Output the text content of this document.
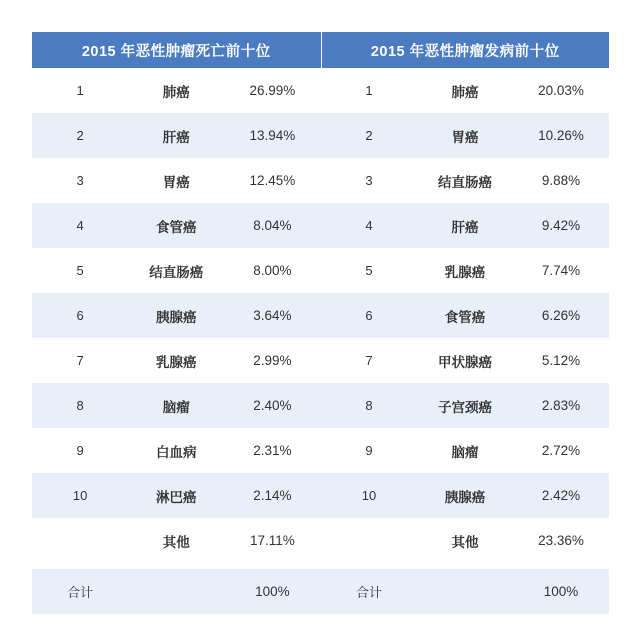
2015 年恶性肿瘤死亡前十位		
1	肺癌	26.99%
2	肝癌	13.94%
3	胃癌	12.45%
4	食管癌	8.04%
5	结直肠癌	8.00%
6	胰腺癌	3.64%
7	乳腺癌	2.99%
8	脑瘤	2.40%
9	白血病	2.31%
10	淋巴癌	2.14%
	其他	17.11%

合计		100%
2015 年恶性肿瘤发病前十位		
1	肺癌	20.03%
2	胃癌	10.26%
3	结直肠癌	9.88%
4	肝癌	9.42%
5	乳腺癌	7.74%
6	食管癌	6.26%
7	甲状腺癌	5.12%
8	子宫颈癌	2.83%
9	脑瘤	2.72%
10	胰腺癌	2.42%
	其他	23.36%

合计		100%
